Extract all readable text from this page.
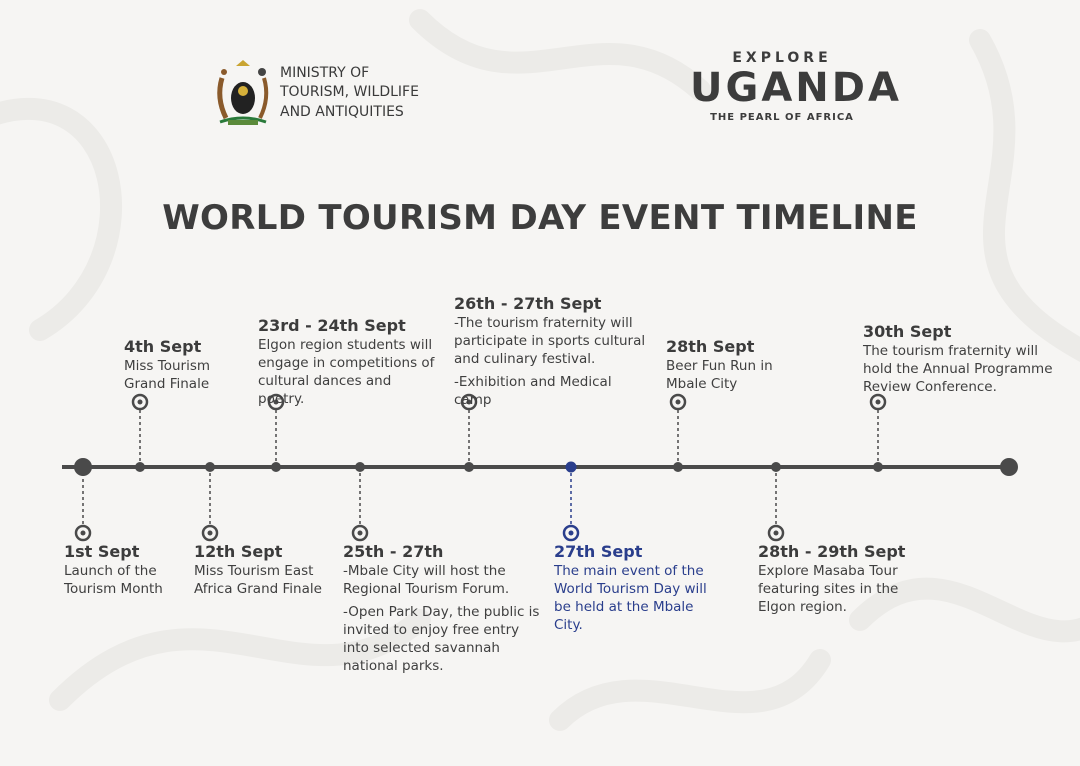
MINISTRY OF TOURISM, WILDLIFE AND ANTIQUITIES
EXPLORE
UGANDA
THE PEARL OF AFRICA
WORLD TOURISM DAY EVENT TIMELINE
1st Sept

Launch of the Tourism Month

4th Sept

Miss Tourism Grand Finale

12th Sept

Miss Tourism East Africa Grand Finale

23rd - 24th Sept

Elgon region students will engage in competitions of cultural dances and poetry.

25th - 27th

-Mbale City will host the Regional Tourism Forum.

-Open Park Day, the public is invited to enjoy free entry into selected savannah national parks.

26th - 27th Sept

-The tourism fraternity will participate in sports cultural and culinary festival.

-Exhibition and Medical camp

27th Sept

The main event of the World Tourism Day will be held at the Mbale City.

28th Sept

Beer Fun Run in Mbale City

28th - 29th Sept

Explore Masaba Tour featuring sites in the Elgon region.

30th Sept

The tourism fraternity will hold the Annual Programme Review Conference.
